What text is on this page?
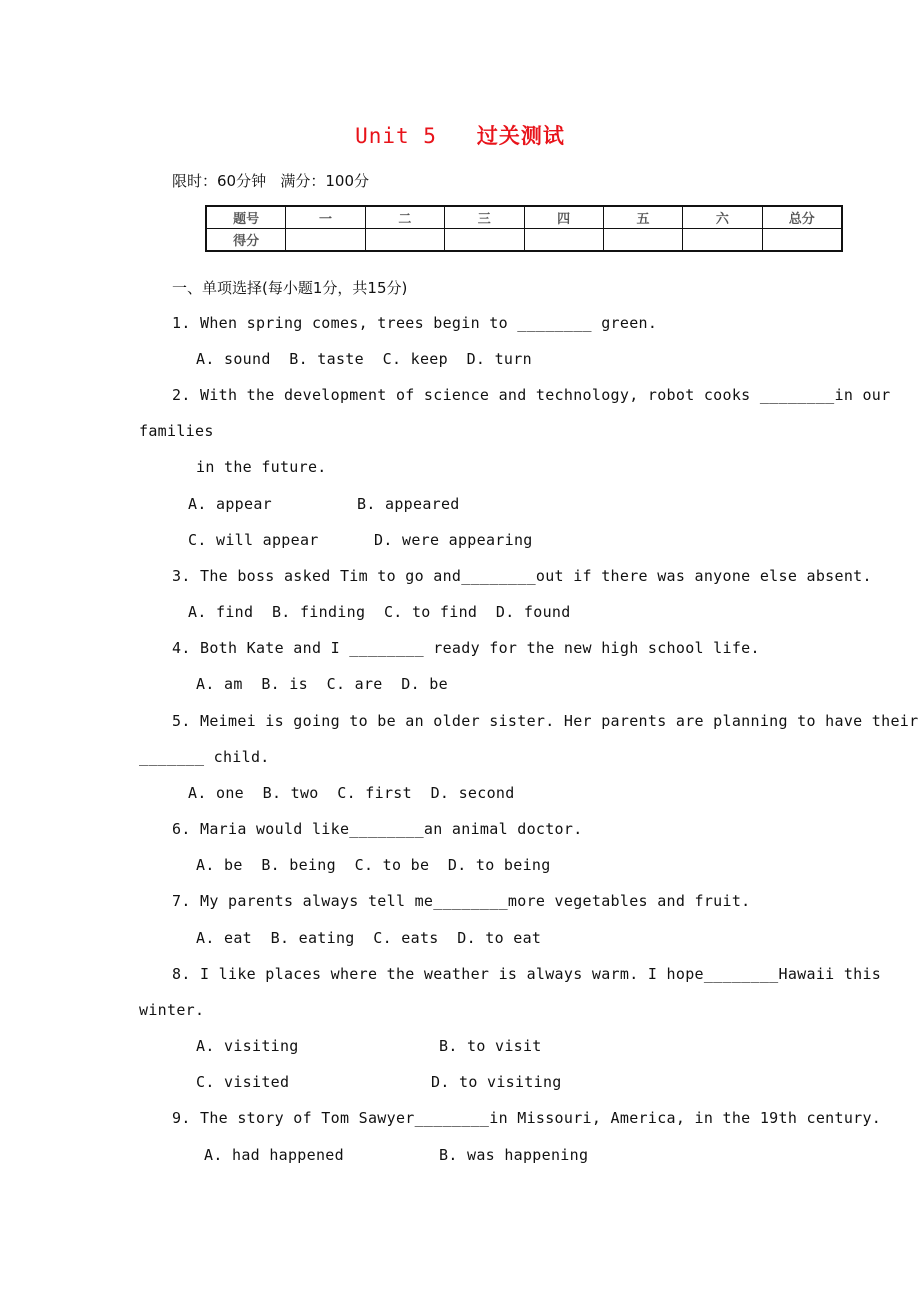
Unit 5 过关测试
限时：60分钟   满分：100分
题号	一	二	三	四	五	六	总分
得分							
一、单项选择(每小题1分，共15分)
1. When spring comes, trees begin to ________ green.
A. sound  B. taste  C. keep  D. turn
2. With the development of science and technology, robot cooks ________in our
families
in the future.
A. appear	B. appeared
C. will appear	D. were appearing
3. The boss asked Tim to go and________out if there was anyone else absent.
A. find  B. finding  C. to find  D. found
4. Both Kate and I ________ ready for the new high school life.
A. am  B. is  C. are  D. be
5. Meimei is going to be an older sister. Her parents are planning to have their
_______ child.
A. one  B. two  C. first  D. second
6. Maria would like________an animal doctor.
A. be  B. being  C. to be  D. to being
7. My parents always tell me________more vegetables and fruit.
A. eat  B. eating  C. eats  D. to eat
8. I like places where the weather is always warm. I hope________Hawaii this
winter.
A. visiting	B. to visit
C. visited	D. to visiting
9. The story of Tom Sawyer________in Missouri, America, in the 19th century.
A. had happened	B. was happening
